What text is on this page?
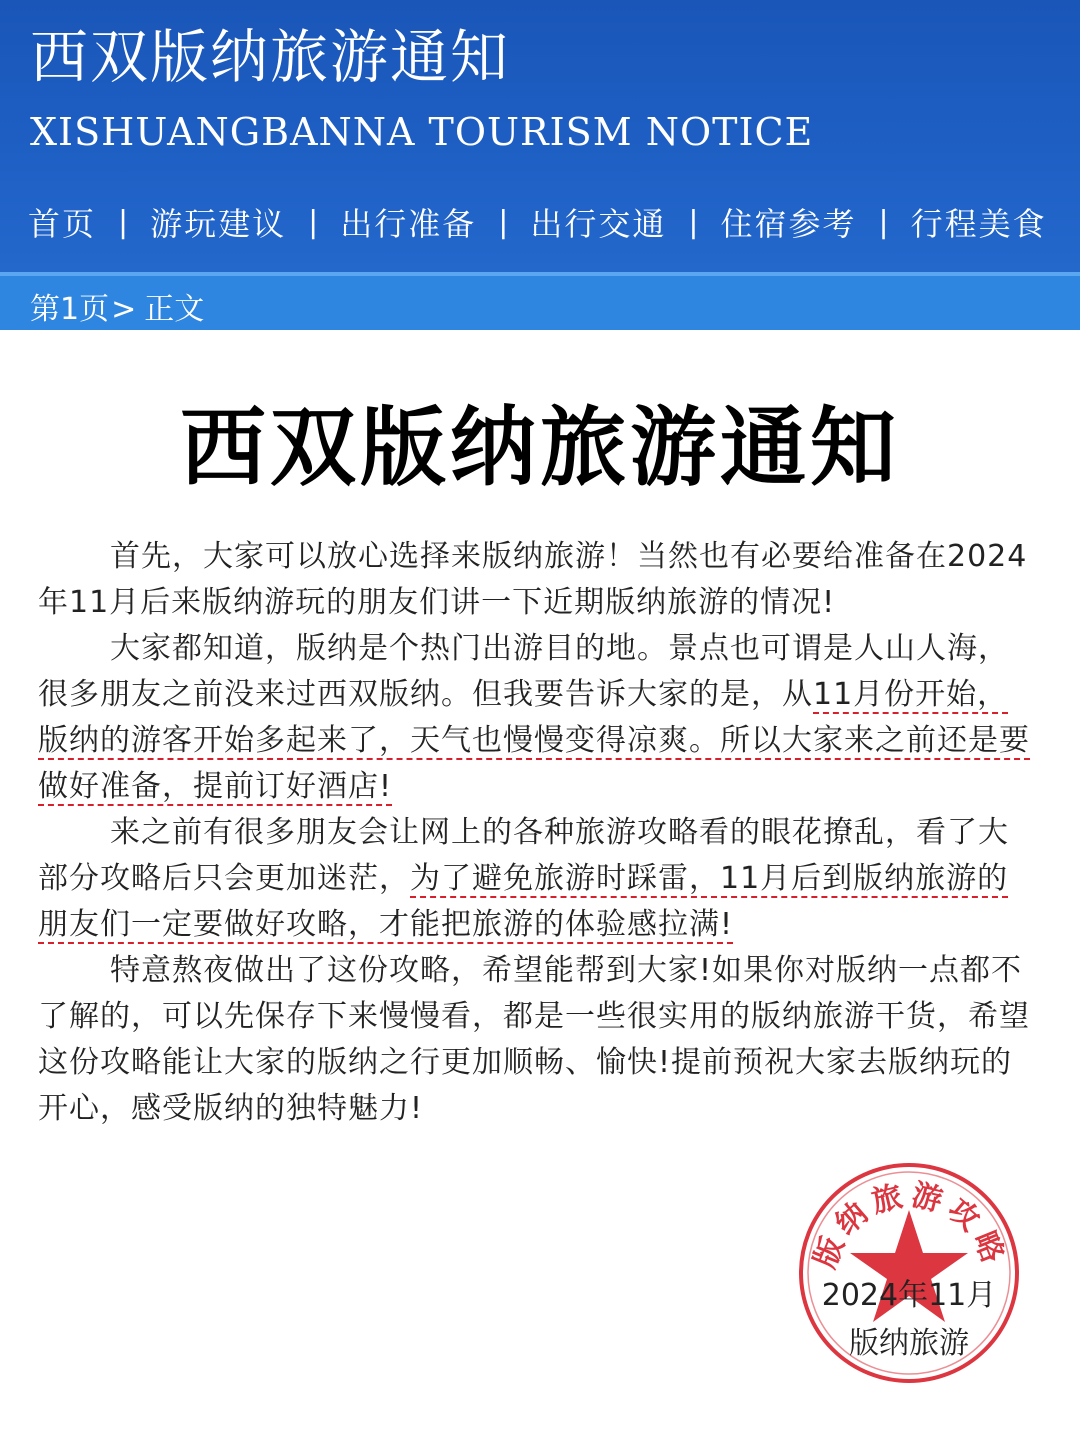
西双版纳旅游通知
XISHUANGBANNA TOURISM NOTICE
首页 | 游玩建议 | 出行准备 | 出行交通 | 住宿参考 | 行程美食
第1页> 正文
西双版纳旅游通知

首先，大家可以放心选择来版纳旅游！当然也有必要给准备在2024年11月后来版纳游玩的朋友们讲一下近期版纳旅游的情况!

大家都知道，版纳是个热门出游目的地。景点也可谓是人山人海，很多朋友之前没来过西双版纳。但我要告诉大家的是，从11月份开始，版纳的游客开始多起来了，天气也慢慢变得凉爽。所以大家来之前还是要做好准备，提前订好酒店!

来之前有很多朋友会让网上的各种旅游攻略看的眼花撩乱，看了大部分攻略后只会更加迷茫，为了避免旅游时踩雷，11月后到版纳旅游的朋友们一定要做好攻略，才能把旅游的体验感拉满!

特意熬夜做出了这份攻略，希望能帮到大家!如果你对版纳一点都不了解的，可以先保存下来慢慢看，都是一些很实用的版纳旅游干货，希望这份攻略能让大家的版纳之行更加顺畅、愉快!提前预祝大家去版纳玩的开心，感受版纳的独特魅力!

版纳旅游攻略
2024年11月
版纳旅游
